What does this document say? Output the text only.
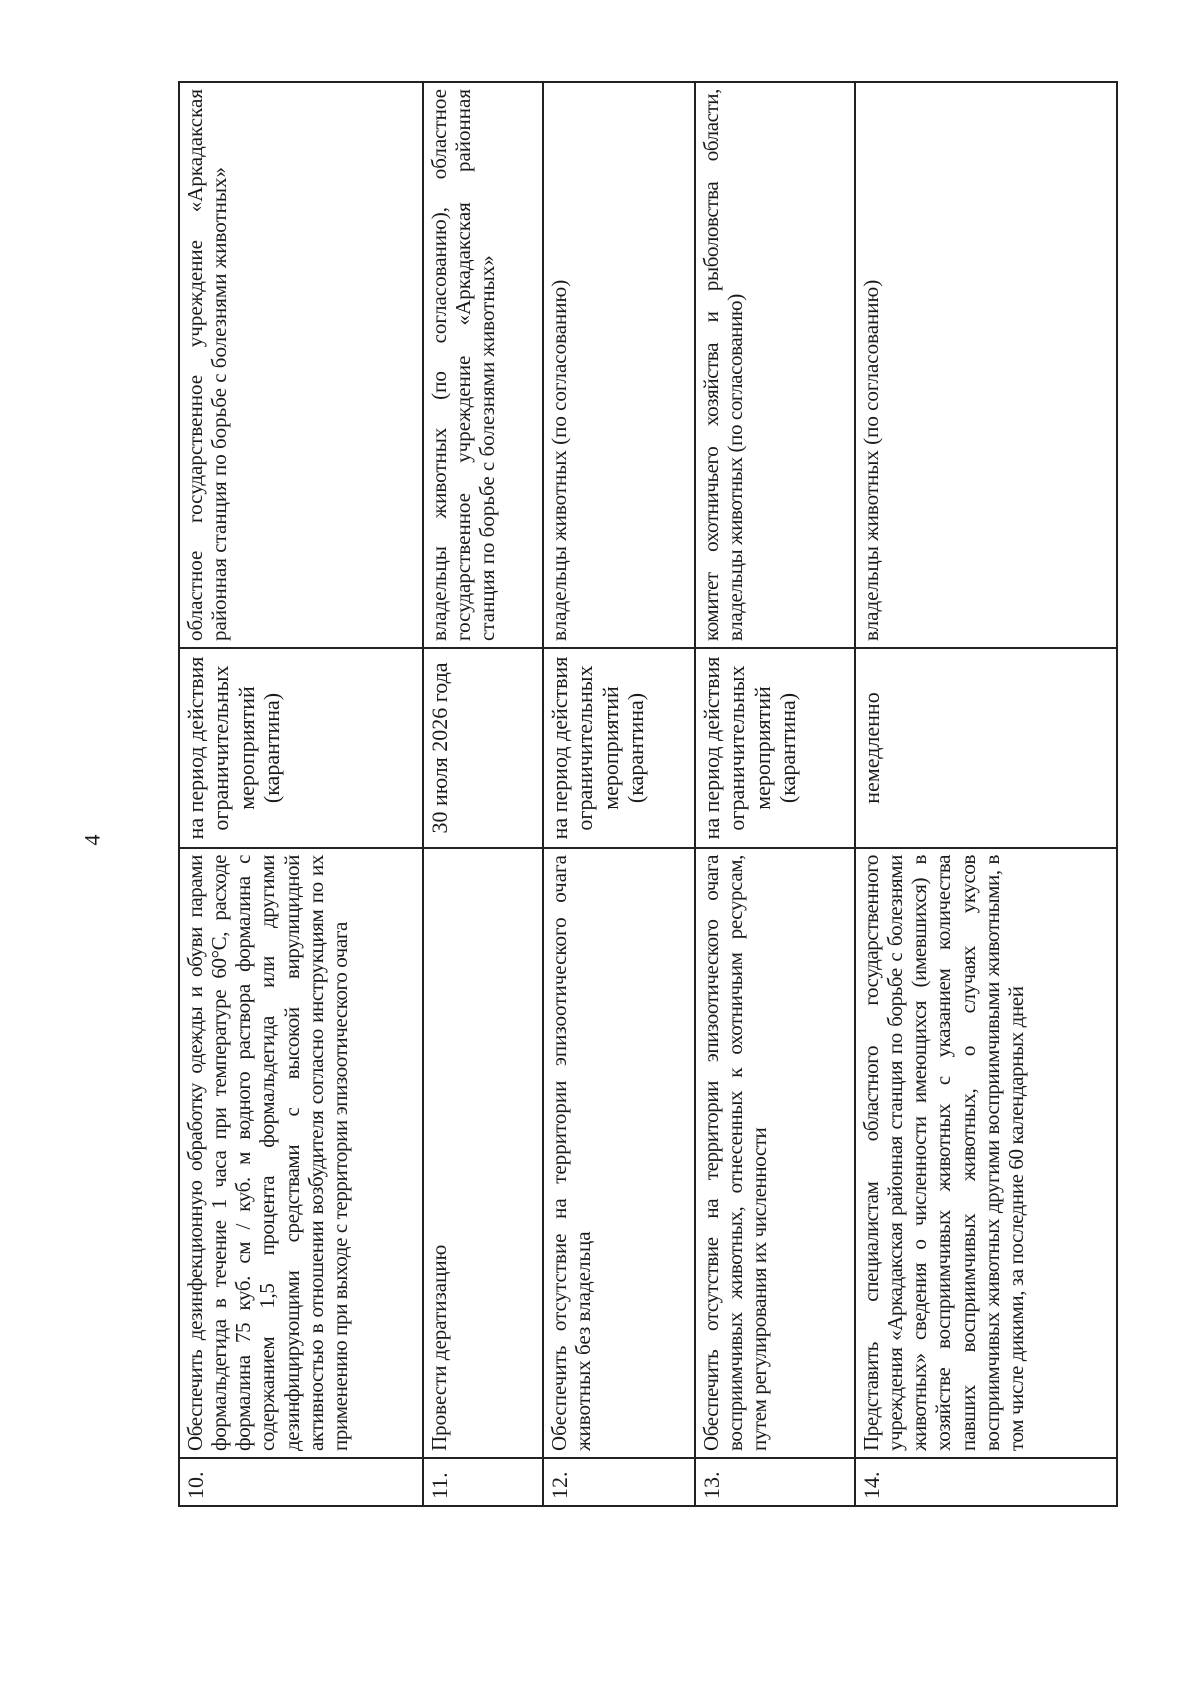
4
10.	Обеспечить дезинфекционную обработку одежды и обуви парами формальдегида в течение 1 часа при температуре 60°C, расходе формалина 75 куб. см / куб. м водного раствора формалина с содержанием 1,5 процента формальдегида или другими дезинфицирующими средствами с высокой вирулицидной активностью в отношении возбудителя согласно инструкциям по их применению при выходе с территории эпизоотического очага	на период действия ограничительных мероприятий (карантина)	областное государственное учреждение «Аркадакская районная станция по борьбе с болезнями животных»
11.	Провести дератизацию	30 июля 2026 года	владельцы животных (по согласованию), областное государственное учреждение «Аркадакская районная станция по борьбе с болезнями животных»
12.	Обеспечить отсутствие на территории эпизоотического очага животных без владельца	на период действия ограничительных мероприятий (карантина)	владельцы животных (по согласованию)
13.	Обеспечить отсутствие на территории эпизоотического очага восприимчивых животных, отнесенных к охотничьим ресурсам, путем регулирования их численности	на период действия ограничительных мероприятий (карантина)	комитет охотничьего хозяйства и рыболовства области, владельцы животных (по согласованию)
14.	Представить специалистам областного государственного учреждения «Аркадакская районная станция по борьбе с болезнями животных» сведения о численности имеющихся (имевшихся) в хозяйстве восприимчивых животных с указанием количества павших восприимчивых животных, о случаях укусов восприимчивых животных другими восприимчивыми животными, в том числе дикими, за последние 60 календарных дней	немедленно	владельцы животных (по согласованию)
